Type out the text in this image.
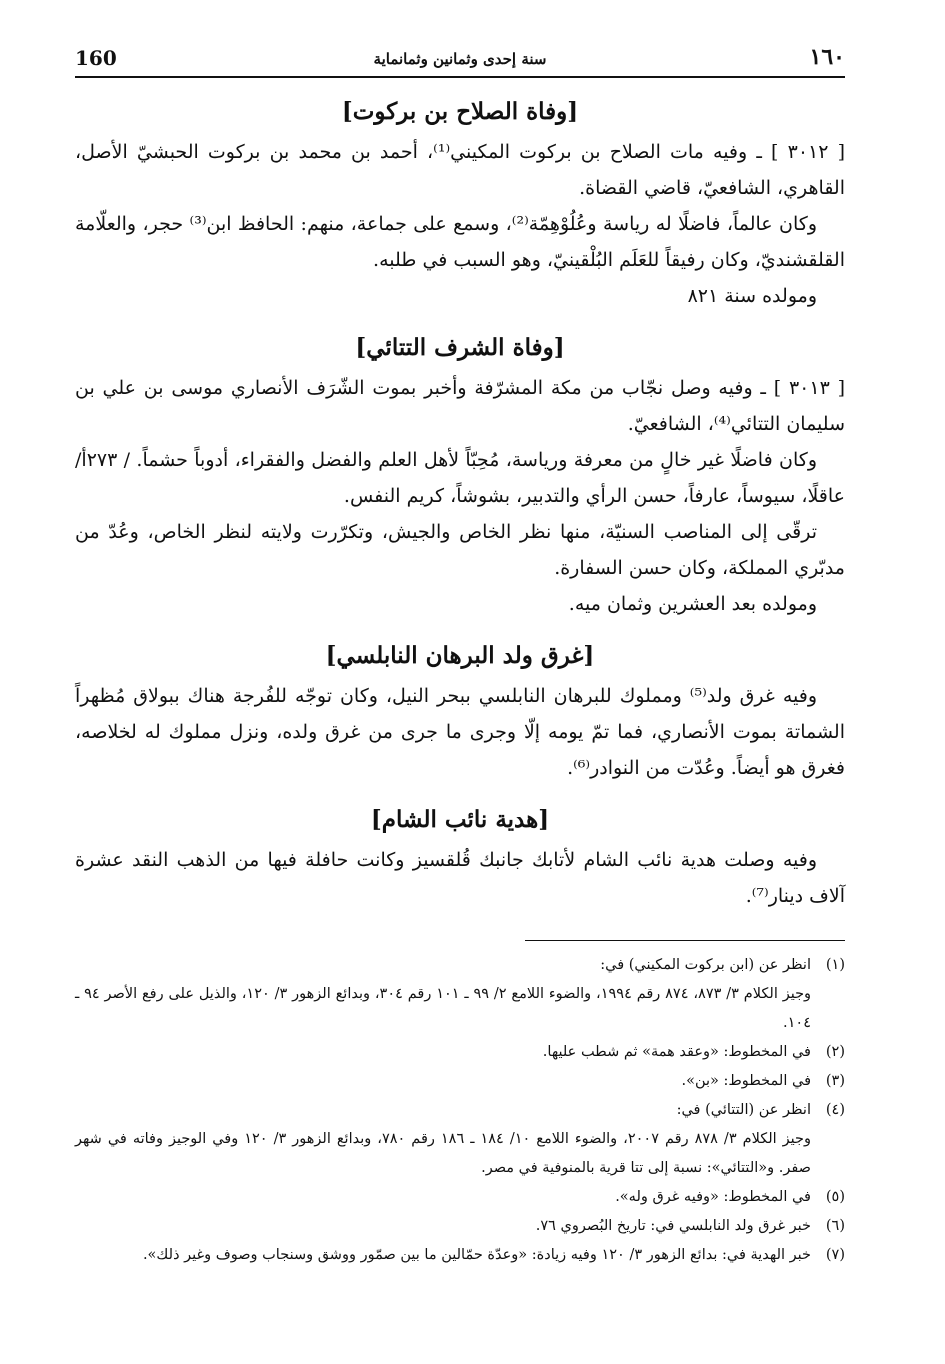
160	سنة إحدى وثمانين وثمانماية	١٦٠
[وفاة الصلاح بن بركوت]

[ ٣٠١٢ ] ـ وفيه مات الصلاح بن بركوت المكيني⁽¹⁾، أحمد بن محمد بن بركوت الحبشيّ الأصل، القاهري، الشافعيّ، قاضي القضاة.

وكان عالماً، فاضلًا له رياسة وعُلُوْهِمّة⁽²⁾، وسمع على جماعة، منهم: الحافظ ابن⁽³⁾ حجر، والعلّامة القلقشنديّ، وكان رفيقاً للعَلَم البُلْقينيّ، وهو السبب في طلبه.

ومولده سنة ٨٢١

[وفاة الشرف التتائي]

[ ٣٠١٣ ] ـ وفيه وصل نجّاب من مكة المشرّفة وأخبر بموت الشّرَف الأنصاري موسى بن علي بن سليمان التتائي⁽⁴⁾، الشافعيّ.

وكان فاضلًا غير خالٍ من معرفة ورياسة، مُحِبّاً لأهل العلم والفضل والفقراء، أدوباً حشماً. / ٢٧٣أ/ عاقلًا، سيوساً، عارفاً، حسن الرأي والتدبير، بشوشاً، كريم النفس.

ترقّى إلى المناصب السنيّة، منها نظر الخاص والجيش، وتكرّرت ولايته لنظر الخاص، وعُدّ من مدبّري المملكة، وكان حسن السفارة.

ومولده بعد العشرين وثمان ميه.

[غرق ولد البرهان النابلسي]

وفيه غرق ولد⁽⁵⁾ ومملوك للبرهان النابلسي ببحر النيل، وكان توجّه للفُرجة هناك ببولاق مُظهراً الشماتة بموت الأنصاري، فما تمّ يومه إلّا وجرى ما جرى من غرق ولده، ونزل مملوك له لخلاصه، فغرق هو أيضاً. وعُدّت من النوادر⁽⁶⁾.

[هدية نائب الشام]

وفيه وصلت هدية نائب الشام لأتابك جانبك قُلقسيز وكانت حافلة فيها من الذهب النقد عشرة آلاف دينار⁽⁷⁾.

(١)
انظر عن (ابن بركوت المكيني) في:
وجيز الكلام ٣/ ٨٧٣، ٨٧٤ رقم ١٩٩٤، والضوء اللامع ٢/ ٩٩ ـ ١٠١ رقم ٣٠٤، وبدائع الزهور ٣/ ١٢٠، والذيل على رفع الأصر ٩٤ ـ ١٠٤.
(٢)
في المخطوط: «وعقد همة» ثم شطب عليها.
(٣)
في المخطوط: «بن».
(٤)
انظر عن (التتائي) في:
وجيز الكلام ٣/ ٨٧٨ رقم ٢٠٠٧، والضوء اللامع ١٠/ ١٨٤ ـ ١٨٦ رقم ٧٨٠، وبدائع الزهور ٣/ ١٢٠ وفي الوجيز وفاته في شهر صفر. و«التتائي»: نسبة إلى تتا قرية بالمنوفية في مصر.
(٥)
في المخطوط: «وفيه غرق وله».
(٦)
خبر غرق ولد النابلسي في: تاريخ البُصروي ٧٦.
(٧)
خبر الهدية في: بدائع الزهور ٣/ ١٢٠ وفيه زيادة: «وعدّة حمّالين ما بين صمّور ووشق وسنجاب وصوف وغير ذلك».
